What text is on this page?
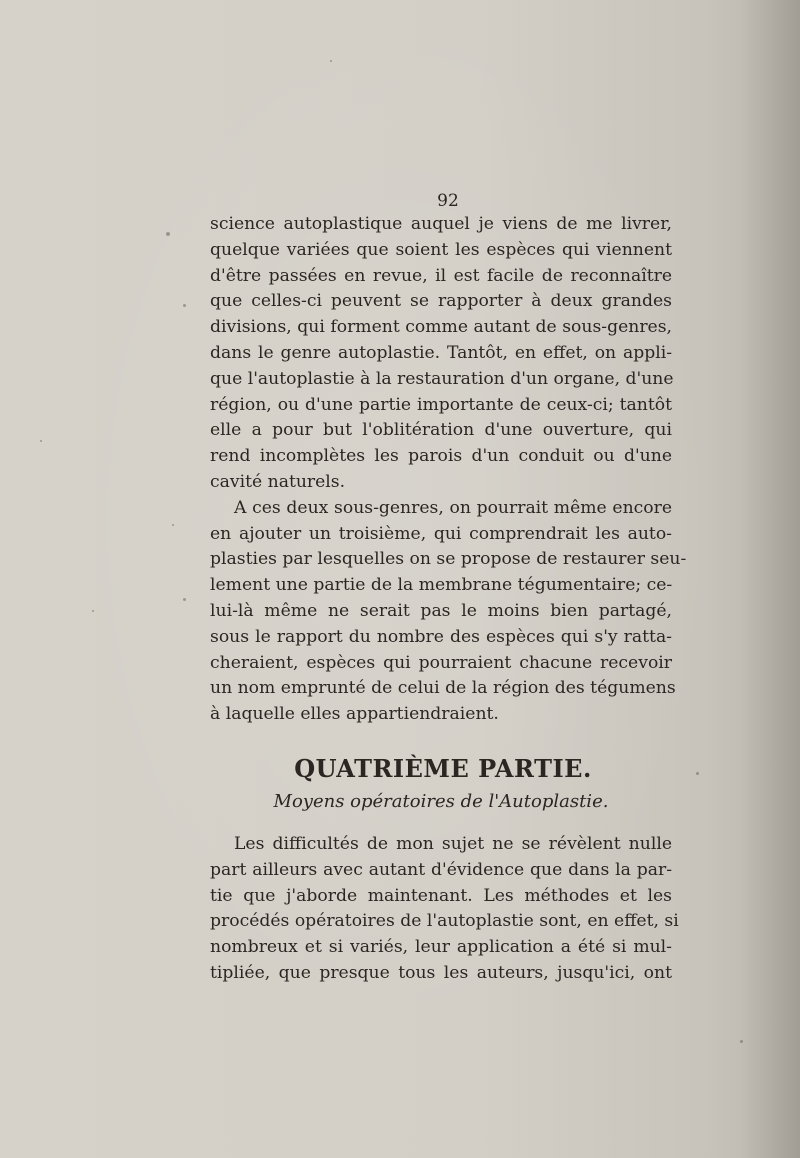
92
science autoplastique auquel je viens de me livrer,
quelque variées que soient les espèces qui viennent
d'être passées en revue, il est facile de reconnaître
que celles-ci peuvent se rapporter à deux grandes
divisions, qui forment comme autant de sous-genres,
dans le genre autoplastie. Tantôt, en effet, on appli-
que l'autoplastie à la restauration d'un organe, d'une
région, ou d'une partie importante de ceux-ci; tantôt
elle a pour but l'oblitération d'une ouverture, qui
rend incomplètes les parois d'un conduit ou d'une
cavité naturels.
A ces deux sous-genres, on pourrait même encore
en ajouter un troisième, qui comprendrait les auto-
plasties par lesquelles on se propose de restaurer seu-
lement une partie de la membrane tégumentaire; ce-
lui-là même ne serait pas le moins bien partagé,
sous le rapport du nombre des espèces qui s'y ratta-
cheraient, espèces qui pourraient chacune recevoir
un nom emprunté de celui de la région des tégumens
à laquelle elles appartiendraient.
QUATRIÈME PARTIE.
Moyens opératoires de l'Autoplastie.
Les difficultés de mon sujet ne se révèlent nulle
part ailleurs avec autant d'évidence que dans la par-
tie que j'aborde maintenant. Les méthodes et les
procédés opératoires de l'autoplastie sont, en effet, si
nombreux et si variés, leur application a été si mul-
tipliée, que presque tous les auteurs, jusqu'ici, ont
